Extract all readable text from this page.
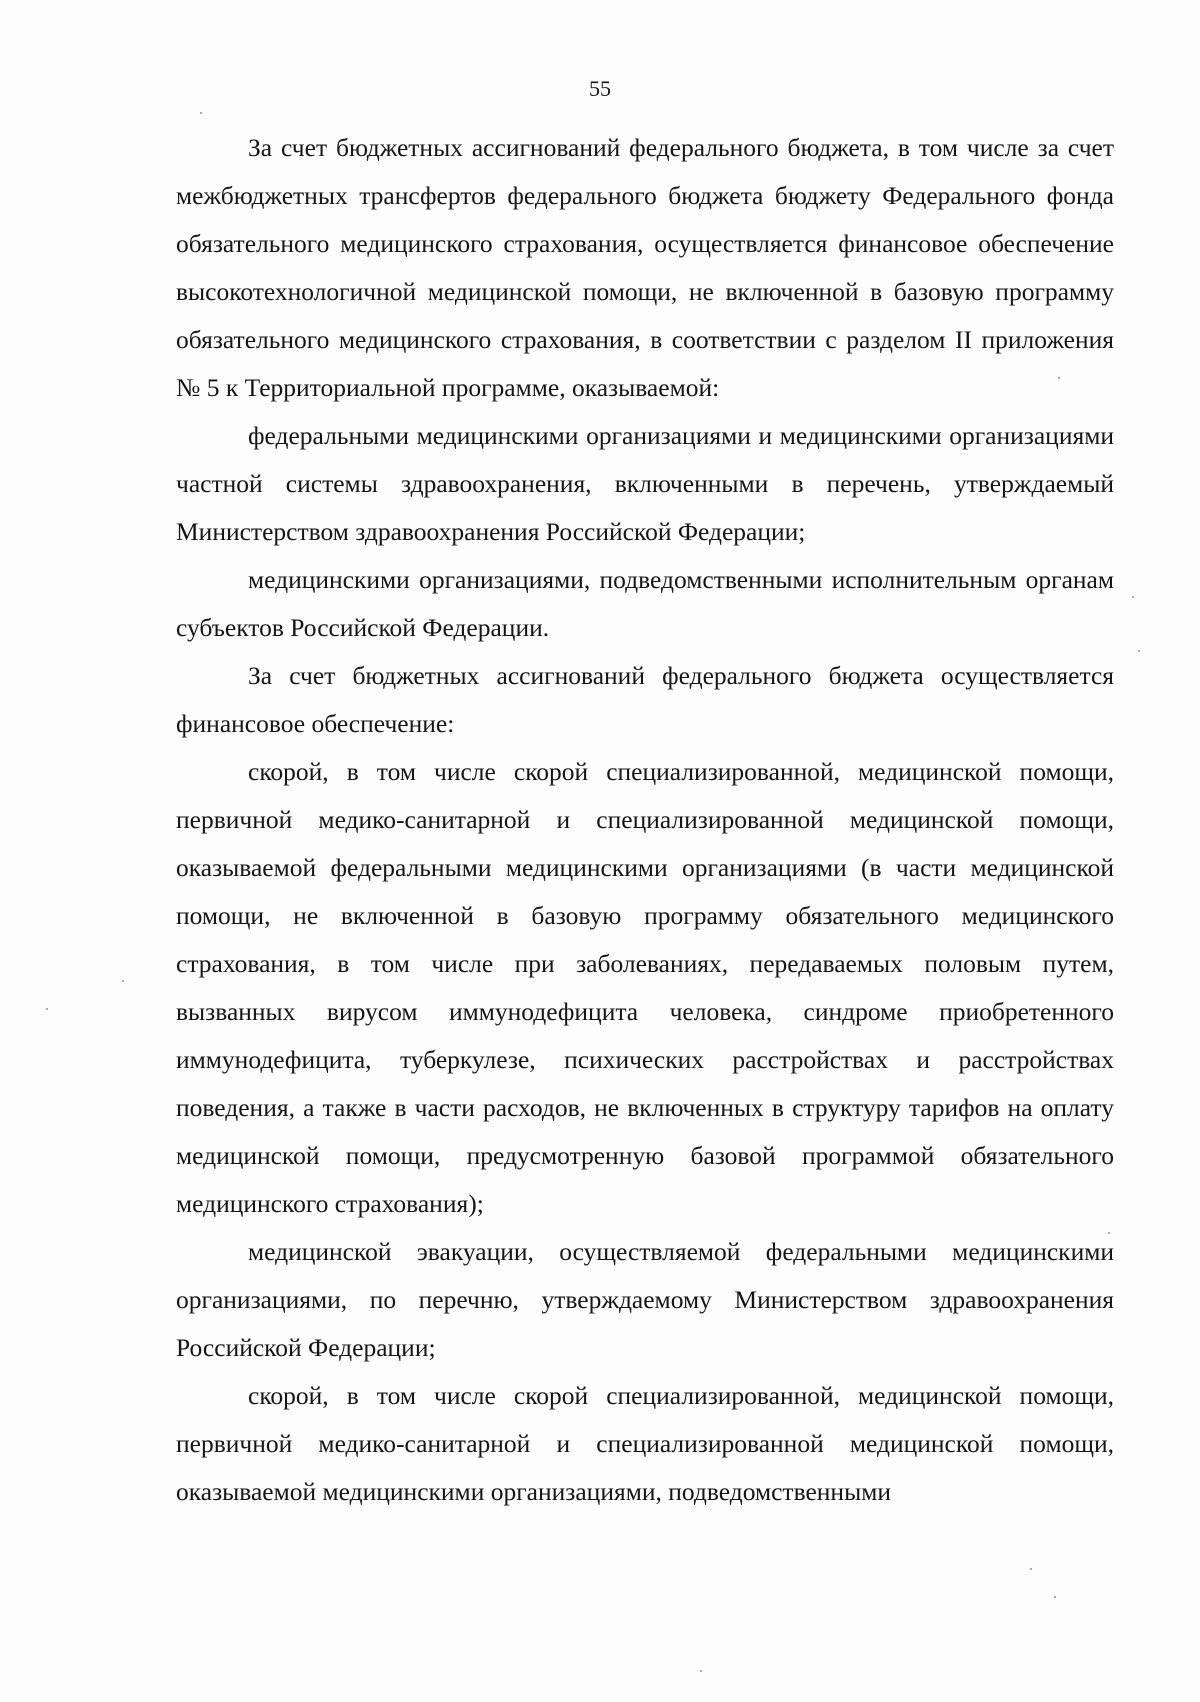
55

За счет бюджетных ассигнований федерального бюджета, в том числе за счет межбюджетных трансфертов федерального бюджета бюджету Федерального фонда обязательного медицинского страхования, осуществляется финансовое обеспечение высокотехнологичной медицинской помощи, не включенной в базовую программу обязательного медицинского страхования, в соответствии с разделом II приложения № 5 к Территориальной программе, оказываемой:

федеральными медицинскими организациями и медицинскими организациями частной системы здравоохранения, включенными в перечень, утверждаемый Министерством здравоохранения Российской Федерации;

медицинскими организациями, подведомственными исполнительным органам субъектов Российской Федерации.

За счет бюджетных ассигнований федерального бюджета осуществляется финансовое обеспечение:

скорой, в том числе скорой специализированной, медицинской помощи, первичной медико-санитарной и специализированной медицинской помощи, оказываемой федеральными медицинскими организациями (в части медицинской помощи, не включенной в базовую программу обязательного медицинского страхования, в том числе при заболеваниях, передаваемых половым путем, вызванных вирусом иммунодефицита человека, синдроме приобретенного иммунодефицита, туберкулезе, психических расстройствах и расстройствах поведения, а также в части расходов, не включенных в структуру тарифов на оплату медицинской помощи, предусмотренную базовой программой обязательного медицинского страхования);

медицинской эвакуации, осуществляемой федеральными медицинскими организациями, по перечню, утверждаемому Министерством здравоохранения Российской Федерации;

скорой, в том числе скорой специализированной, медицинской помощи, первичной медико-санитарной и специализированной медицинской помощи, оказываемой медицинскими организациями, подведомственными
